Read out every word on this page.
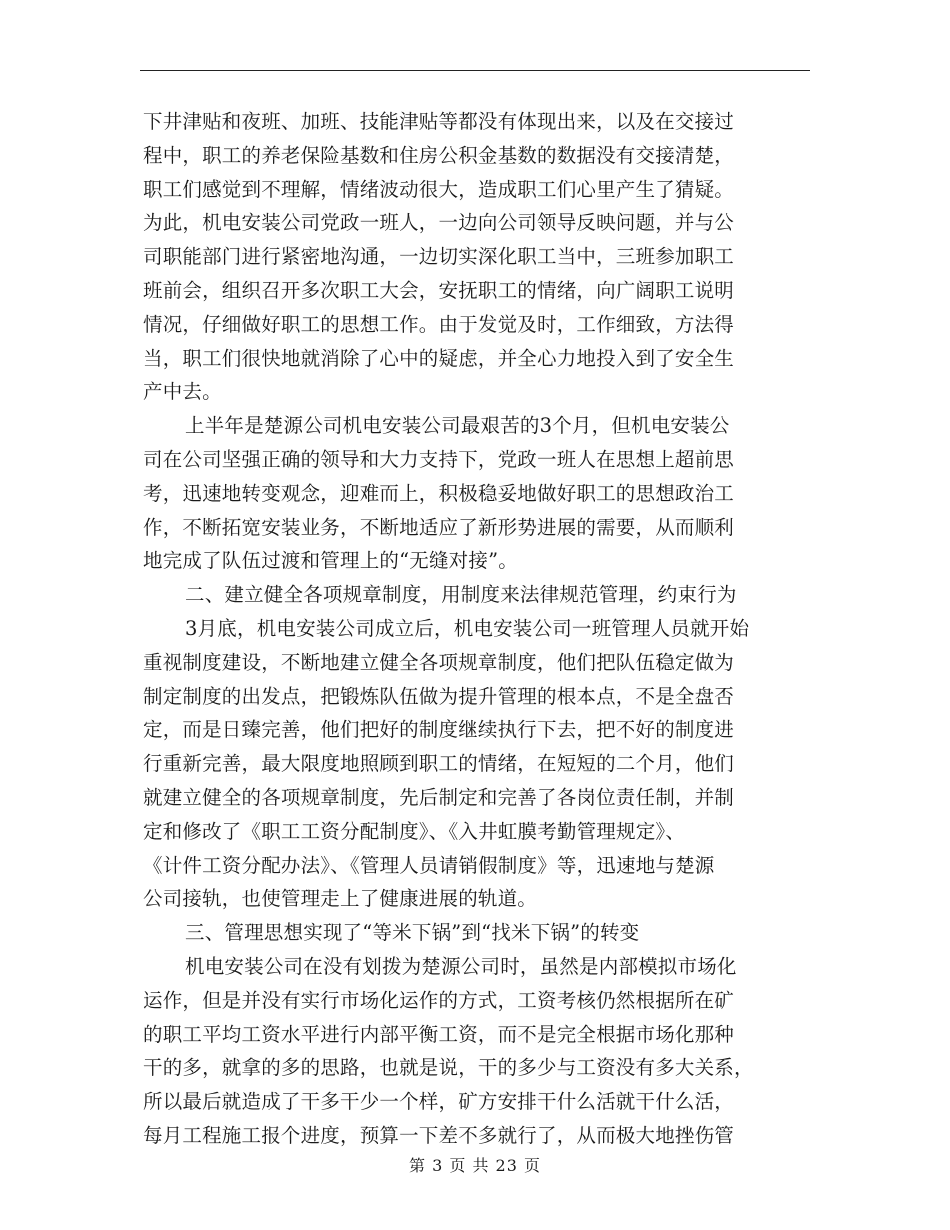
下井津贴和夜班、加班、技能津贴等都没有体现出来，以及在交接过
程中，职工的养老保险基数和住房公积金基数的数据没有交接清楚，
职工们感觉到不理解，情绪波动很大，造成职工们心里产生了猜疑。
为此，机电安装公司党政一班人，一边向公司领导反映问题，并与公
司职能部门进行紧密地沟通，一边切实深化职工当中，三班参加职工
班前会，组织召开多次职工大会，安抚职工的情绪，向广阔职工说明
情况，仔细做好职工的思想工作。由于发觉及时，工作细致，方法得
当，职工们很快地就消除了心中的疑虑，并全心力地投入到了安全生
产中去。
上半年是楚源公司机电安装公司最艰苦的3个月，但机电安装公
司在公司坚强正确的领导和大力支持下，党政一班人在思想上超前思
考，迅速地转变观念，迎难而上，积极稳妥地做好职工的思想政治工
作，不断拓宽安装业务，不断地适应了新形势进展的需要，从而顺利
地完成了队伍过渡和管理上的“无缝对接”。
二、建立健全各项规章制度，用制度来法律规范管理，约束行为
3月底，机电安装公司成立后，机电安装公司一班管理人员就开始
重视制度建设，不断地建立健全各项规章制度，他们把队伍稳定做为
制定制度的出发点，把锻炼队伍做为提升管理的根本点，不是全盘否
定，而是日臻完善，他们把好的制度继续执行下去，把不好的制度进
行重新完善，最大限度地照顾到职工的情绪，在短短的二个月，他们
就建立健全的各项规章制度，先后制定和完善了各岗位责任制，并制
定和修改了《职工工资分配制度》、《入井虹膜考勤管理规定》、
《计件工资分配办法》、《管理人员请销假制度》等，迅速地与楚源
公司接轨，也使管理走上了健康进展的轨道。
三、管理思想实现了“等米下锅”到“找米下锅”的转变
机电安装公司在没有划拨为楚源公司时，虽然是内部模拟市场化
运作，但是并没有实行市场化运作的方式，工资考核仍然根据所在矿
的职工平均工资水平进行内部平衡工资，而不是完全根据市场化那种
干的多，就拿的多的思路，也就是说，干的多少与工资没有多大关系，
所以最后就造成了干多干少一个样，矿方安排干什么活就干什么活，
每月工程施工报个进度，预算一下差不多就行了，从而极大地挫伤管
第 3 页 共 23 页
